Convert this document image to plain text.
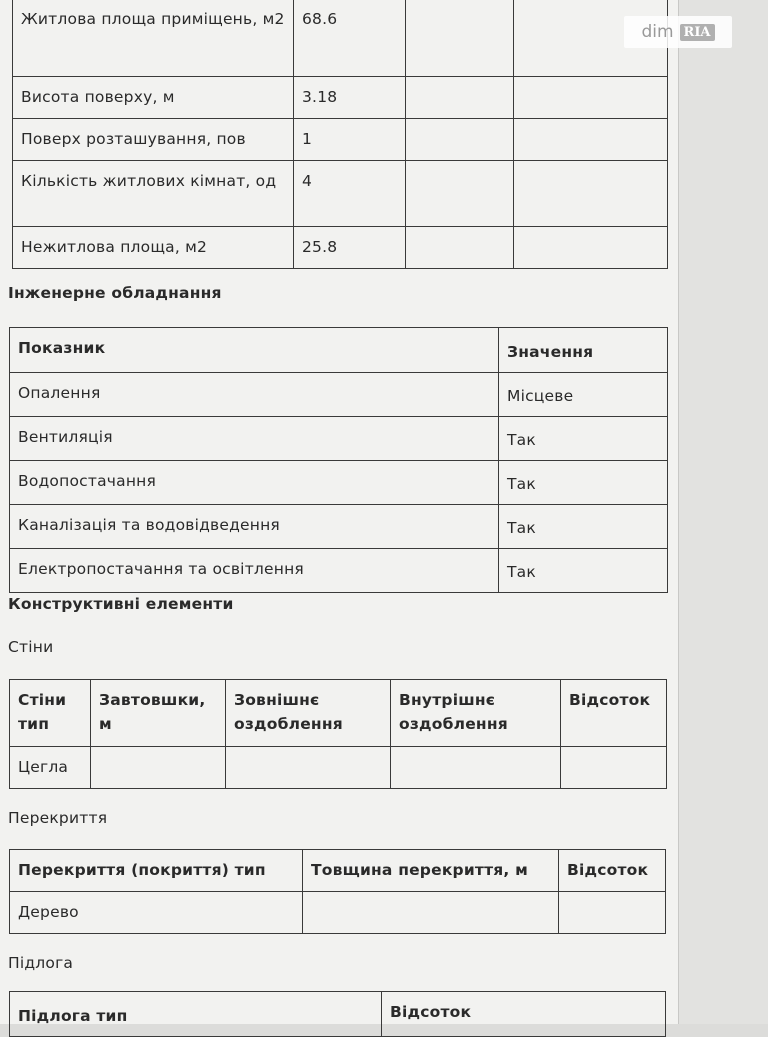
Житлова площа приміщень, м2	68.6		
Висота поверху, м	3.18		
Поверх розташування, пов	1		
Кількість житлових кімнат, од	4		
Нежитлова площа, м2	25.8		
Інженерне обладнання
Показник	Значення
Опалення	Місцеве
Вентиляція	Так
Водопостачання	Так
Каналізація та водовідведення	Так
Електропостачання та освітлення	Так
Конструктивні елементи
Стіни
Стіни тип	Завтовшки, м	Зовнішнє оздоблення	Внутрішнє оздоблення	Відсоток
Цегла				
Перекриття
Перекриття (покриття) тип	Товщина перекриття, м	Відсоток
Дерево		
Підлога
Підлога тип	Відсоток
dim RIA
